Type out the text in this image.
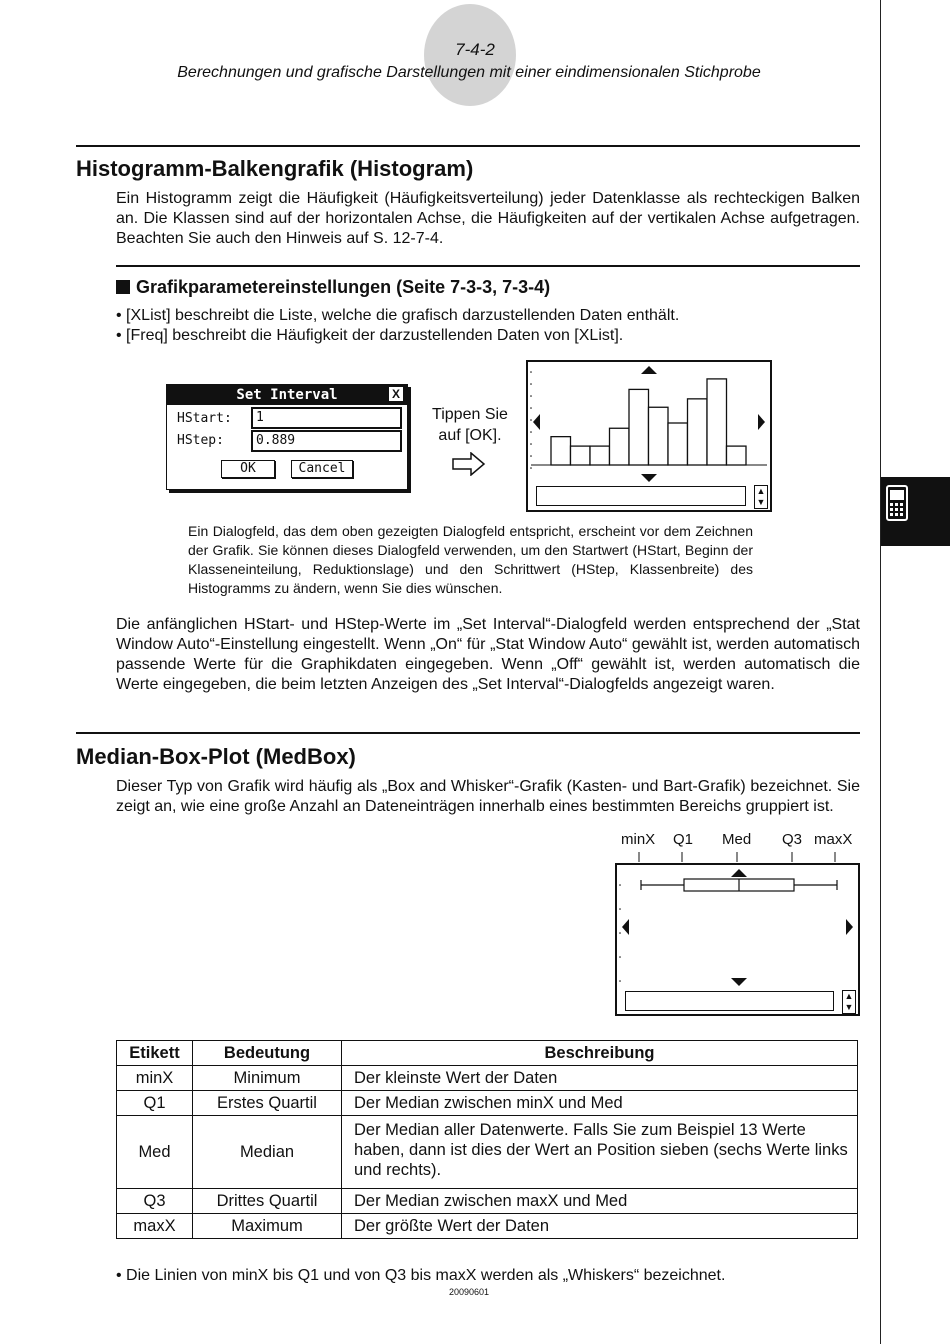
7-4-2
Berechnungen und grafische Darstellungen mit einer eindimensionalen Stichprobe
Histogramm-Balkengrafik (Histogram)
Ein Histogramm zeigt die Häufigkeit (Häufigkeitsverteilung) jeder Datenklasse als rechteckigen Balken an. Die Klassen sind auf der horizontalen Achse, die Häufigkeiten auf der vertikalen Achse aufgetragen. Beachten Sie auch den Hinweis auf S. 12-7-4.
Grafikparametereinstellungen (Seite 7-3-3, 7-3-4)
• [XList] beschreibt die Liste, welche die grafisch darzustellenden Daten enthält.
• [Freq] beschreibt die Häufigkeit der darzustellenden Daten von [XList].
Set Interval	X
HStart:	1
HStep:	0.889
OK	Cancel
Tippen Sie auf [OK].
▲
▼
Ein Dialogfeld, das dem oben gezeigten Dialogfeld entspricht, erscheint vor dem Zeichnen der Grafik. Sie können dieses Dialogfeld verwenden, um den Startwert (HStart, Beginn der Klasseneinteilung, Reduktionslage) und den Schrittwert (HStep, Klassenbreite) des Histogramms zu ändern, wenn Sie dies wünschen.
Die anfänglichen HStart- und HStep-Werte im „Set Interval“-Dialogfeld werden entsprechend der „Stat Window Auto“-Einstellung eingestellt. Wenn „On“ für „Stat Window Auto“ gewählt ist, werden automatisch passende Werte für die Graphikdaten eingegeben. Wenn „Off“ gewählt ist, werden automatisch die Werte eingegeben, die beim letzten Anzeigen des „Set Interval“-Dialogfelds angezeigt waren.
Median-Box-Plot (MedBox)
Dieser Typ von Grafik wird häufig als „Box and Whisker“-Grafik (Kasten- und Bart-Grafik) bezeichnet. Sie zeigt an, wie eine große Anzahl an Dateneinträgen innerhalb eines bestimmten Bereichs gruppiert ist.
minX Q1 Med Q3 maxX
▲
▼
Etikett	Bedeutung	Beschreibung
minX	Minimum	Der kleinste Wert der Daten
Q1	Erstes Quartil	Der Median zwischen minX und Med
Med	Median	Der Median aller Datenwerte. Falls Sie zum Beispiel 13 Werte haben, dann ist dies der Wert an Position sieben (sechs Werte links und rechts).
Q3	Drittes Quartil	Der Median zwischen maxX und Med
maxX	Maximum	Der größte Wert der Daten
• Die Linien von minX bis Q1 und von Q3 bis maxX werden als „Whiskers“ bezeichnet.
20090601
